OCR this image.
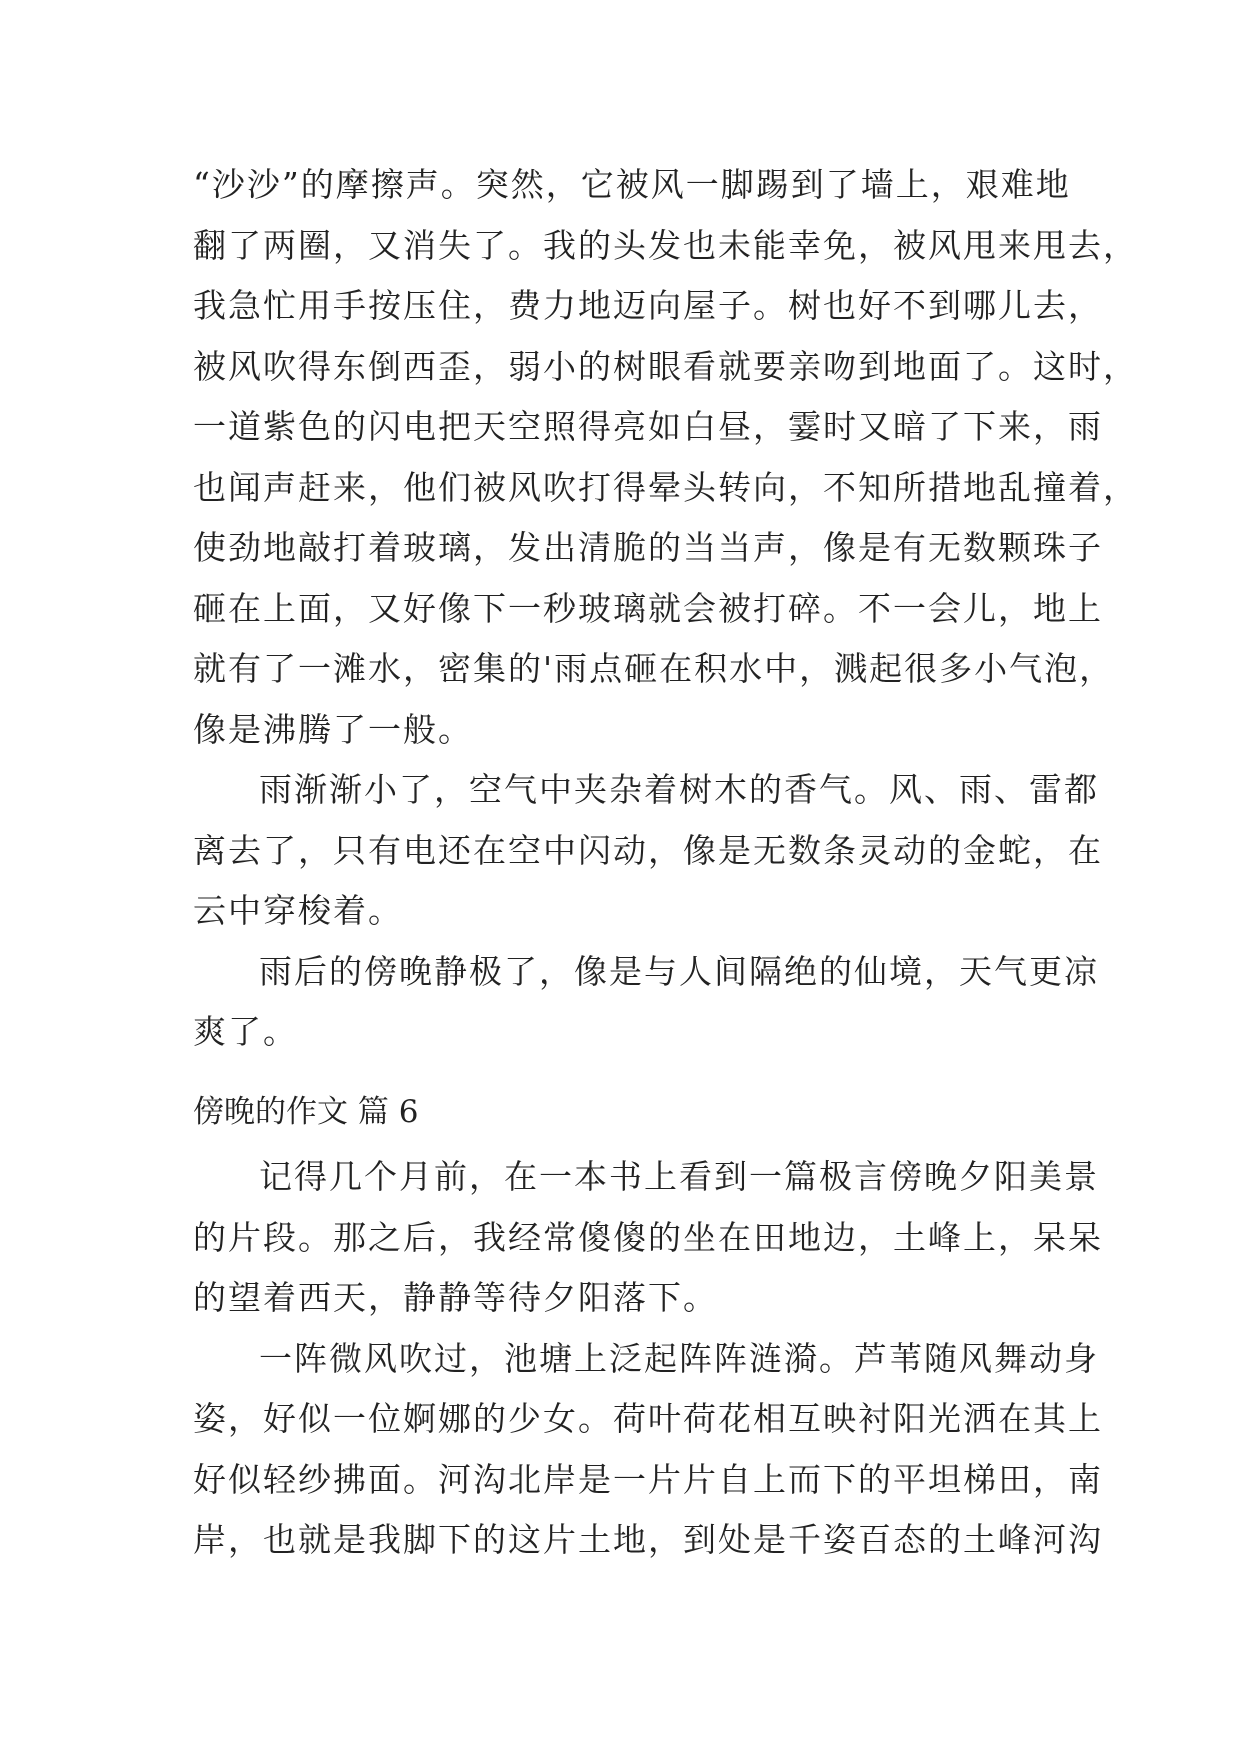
“沙沙”的摩擦声。突然，它被风一脚踢到了墙上，艰难地
翻了两圈，又消失了。我的头发也未能幸免，被风甩来甩去，
我急忙用手按压住，费力地迈向屋子。树也好不到哪儿去，
被风吹得东倒西歪，弱小的树眼看就要亲吻到地面了。这时，
一道紫色的闪电把天空照得亮如白昼，霎时又暗了下来，雨
也闻声赶来，他们被风吹打得晕头转向，不知所措地乱撞着，
使劲地敲打着玻璃，发出清脆的当当声，像是有无数颗珠子
砸在上面，又好像下一秒玻璃就会被打碎。不一会儿，地上
就有了一滩水，密集的'雨点砸在积水中，溅起很多小气泡，
像是沸腾了一般。
雨渐渐小了，空气中夹杂着树木的香气。风、雨、雷都
离去了，只有电还在空中闪动，像是无数条灵动的金蛇，在
云中穿梭着。
雨后的傍晚静极了，像是与人间隔绝的仙境，天气更凉
爽了。
傍晚的作文 篇 6
记得几个月前，在一本书上看到一篇极言傍晚夕阳美景
的片段。那之后，我经常傻傻的坐在田地边，土峰上，呆呆
的望着西天，静静等待夕阳落下。
一阵微风吹过，池塘上泛起阵阵涟漪。芦苇随风舞动身
姿，好似一位婀娜的少女。荷叶荷花相互映衬阳光洒在其上
好似轻纱拂面。河沟北岸是一片片自上而下的平坦梯田，南
岸，也就是我脚下的这片土地，到处是千姿百态的土峰河沟
